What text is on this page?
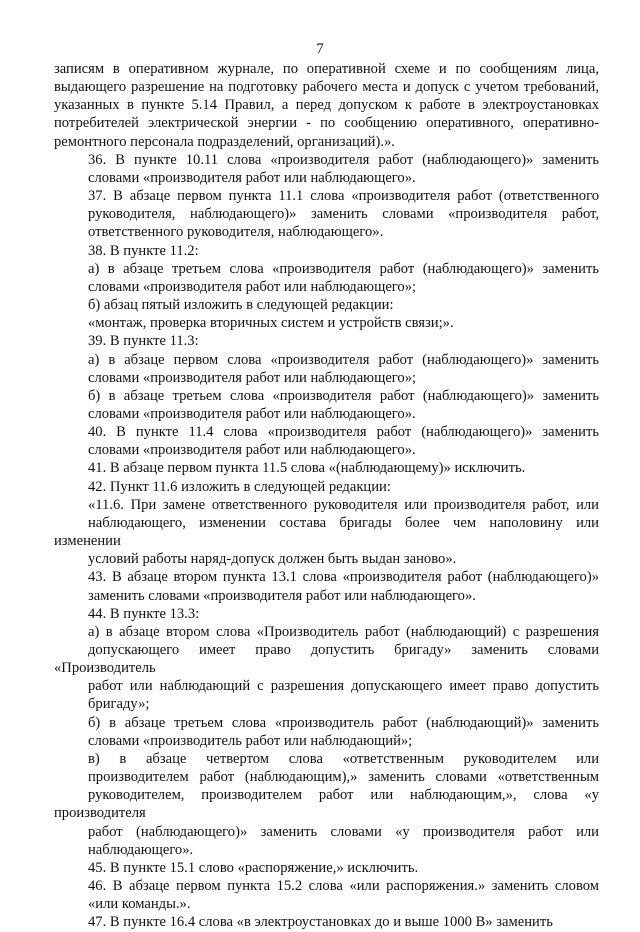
7
записям в оперативном журнале, по оперативной схеме и по сообщениям лица,
выдающего разрешение на подготовку рабочего места и допуск с учетом требований,
указанных в пункте 5.14 Правил, а перед допуском к работе в электроустановках
потребителей электрической энергии - по сообщению оперативного, оперативно-
ремонтного персонала подразделений, организаций).».
36. В пункте 10.11 слова «производителя работ (наблюдающего)» заменить
словами «производителя работ или наблюдающего».
37. В абзаце первом пункта 11.1 слова «производителя работ (ответственного
руководителя, наблюдающего)» заменить словами «производителя работ,
ответственного руководителя, наблюдающего».
38. В пункте 11.2:
а) в абзаце третьем слова «производителя работ (наблюдающего)» заменить
словами «производителя работ или наблюдающего»;
б) абзац пятый изложить в следующей редакции:
«монтаж, проверка вторичных систем и устройств связи;».
39. В пункте 11.3:
а) в абзаце первом слова «производителя работ (наблюдающего)» заменить
словами «производителя работ или наблюдающего»;
б) в абзаце третьем слова «производителя работ (наблюдающего)» заменить
словами «производителя работ или наблюдающего».
40. В пункте 11.4 слова «производителя работ (наблюдающего)» заменить
словами «производителя работ или наблюдающего».
41. В абзаце первом пункта 11.5 слова «(наблюдающему)» исключить.
42. Пункт 11.6 изложить в следующей редакции:
«11.6. При замене ответственного руководителя или производителя работ, или
наблюдающего, изменении состава бригады более чем наполовину или изменении
условий работы наряд-допуск должен быть выдан заново».
43. В абзаце втором пункта 13.1 слова «производителя работ (наблюдающего)»
заменить словами «производителя работ или наблюдающего».
44. В пункте 13.3:
а) в абзаце втором слова «Производитель работ (наблюдающий) с разрешения
допускающего имеет право допустить бригаду» заменить словами «Производитель
работ или наблюдающий с разрешения допускающего имеет право допустить
бригаду»;
б) в абзаце третьем слова «производитель работ (наблюдающий)» заменить
словами «производитель работ или наблюдающий»;
в) в абзаце четвертом слова «ответственным руководителем или
производителем работ (наблюдающим),» заменить словами «ответственным
руководителем, производителем работ или наблюдающим,», слова «у производителя
работ (наблюдающего)» заменить словами «у производителя работ или
наблюдающего».
45. В пункте 15.1 слово «распоряжение,» исключить.
46. В абзаце первом пункта 15.2 слова «или распоряжения.» заменить словом
«или команды.».
47. В пункте 16.4 слова «в электроустановках до и выше 1000 В» заменить
